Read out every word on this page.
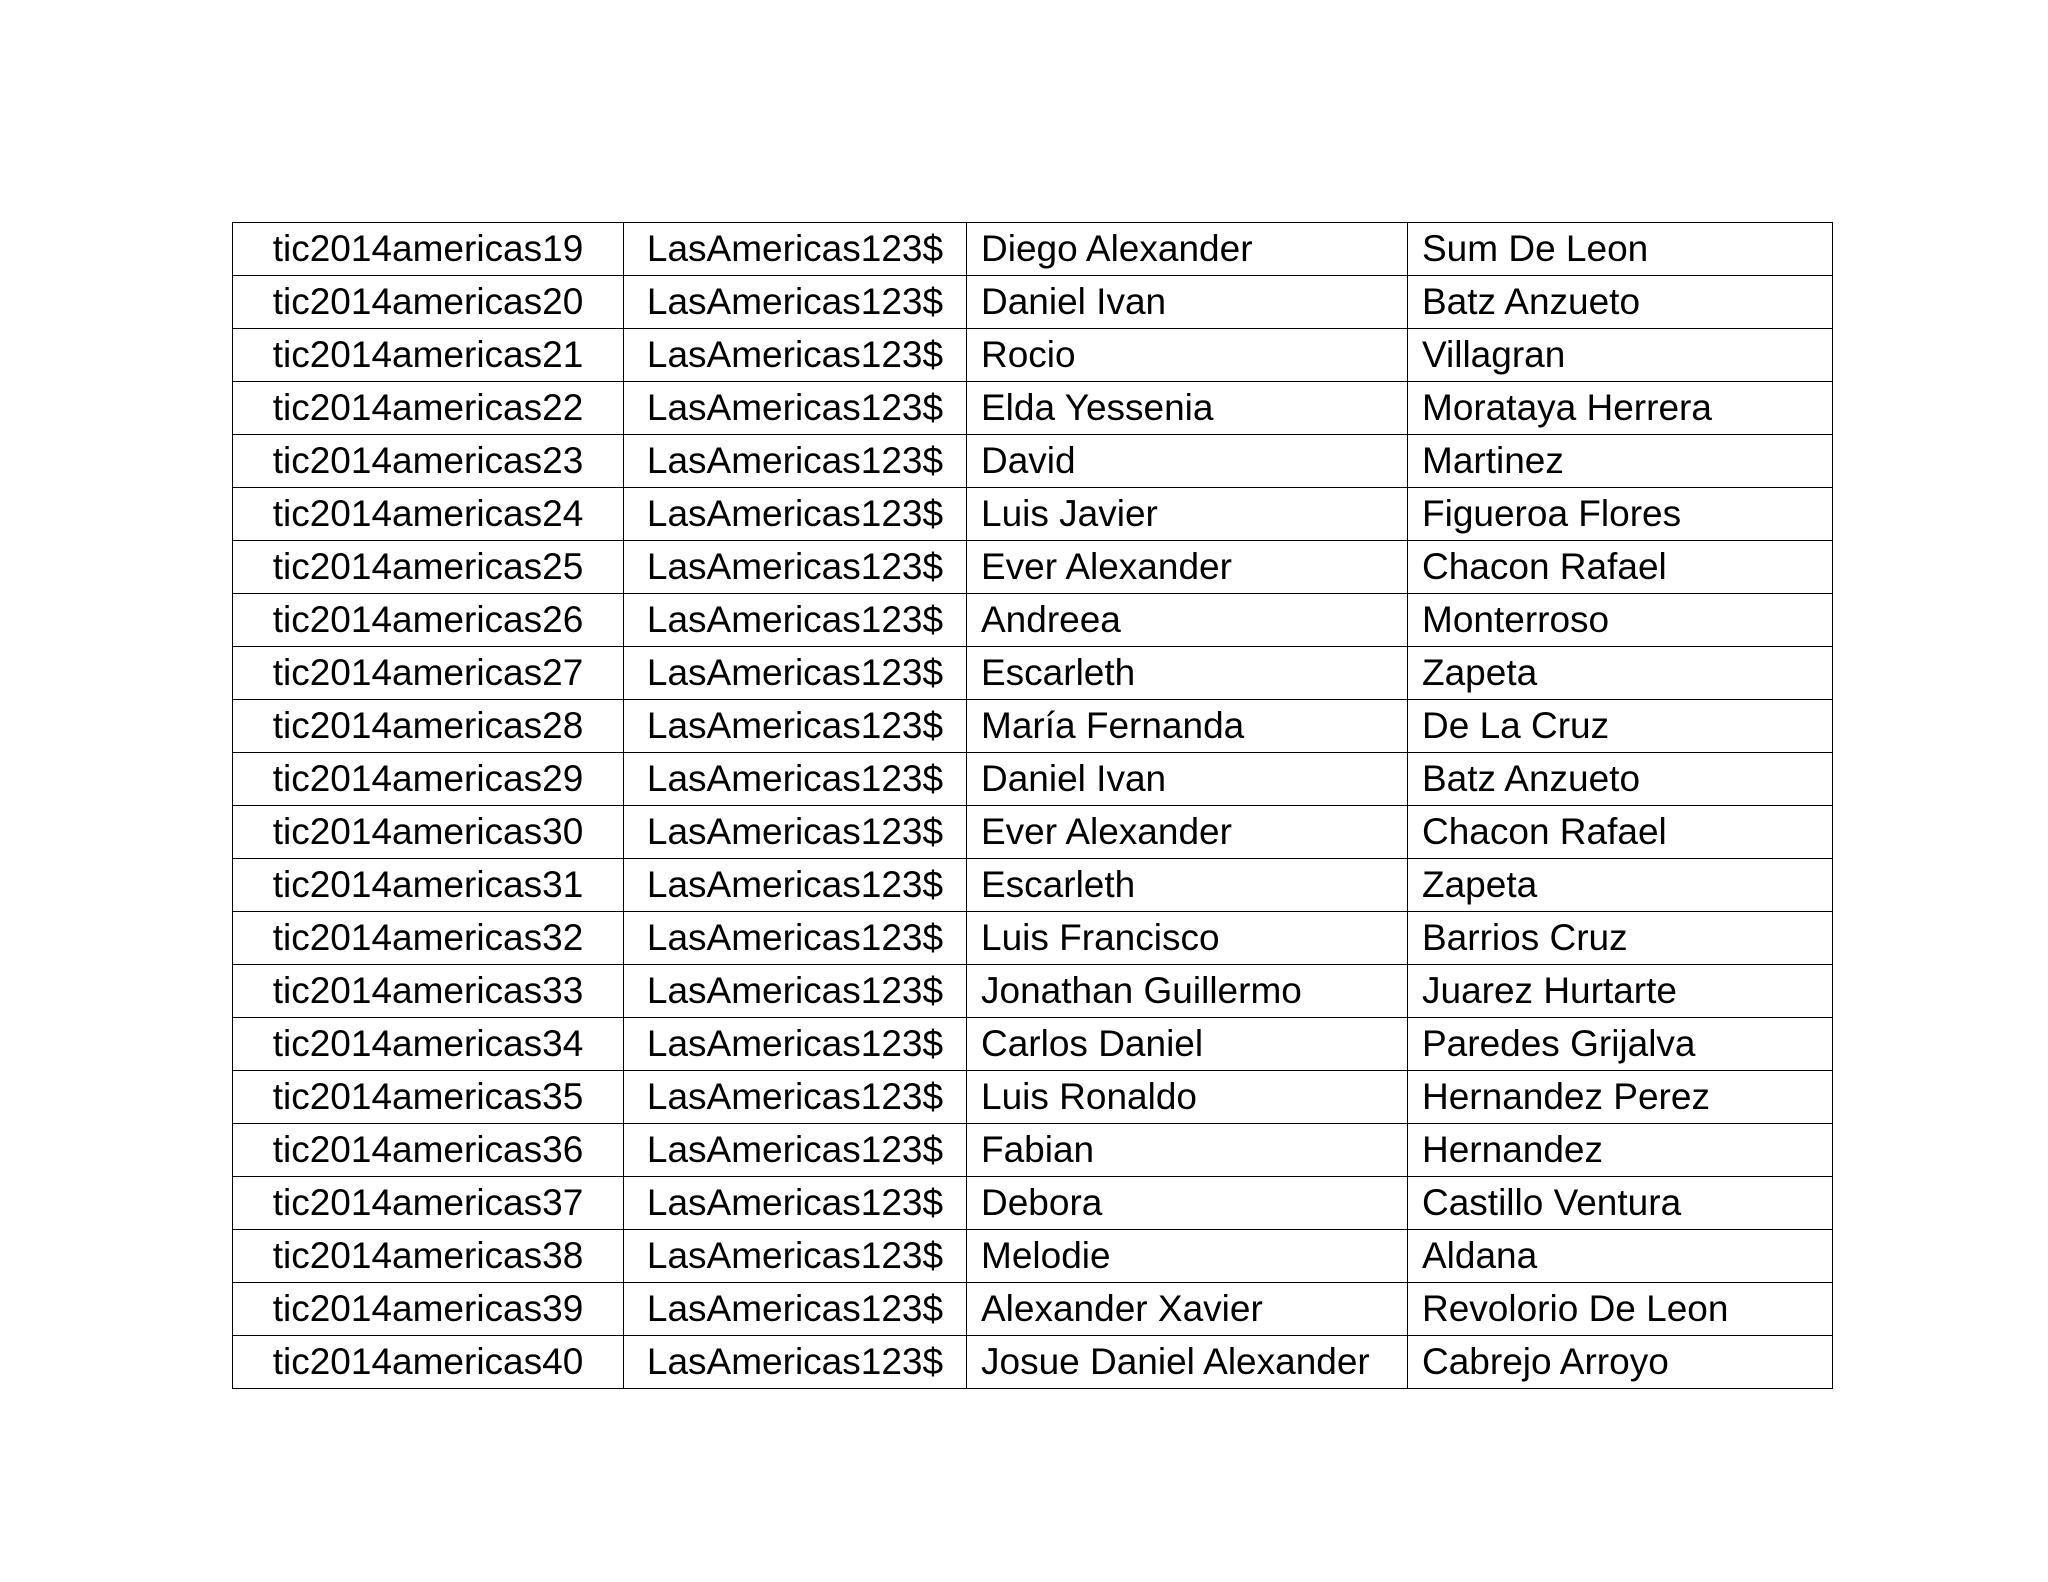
tic2014americas19	LasAmericas123$	Diego Alexander	Sum De Leon
tic2014americas20	LasAmericas123$	Daniel Ivan	Batz Anzueto
tic2014americas21	LasAmericas123$	Rocio	Villagran
tic2014americas22	LasAmericas123$	Elda Yessenia	Morataya Herrera
tic2014americas23	LasAmericas123$	David	Martinez
tic2014americas24	LasAmericas123$	Luis Javier	Figueroa Flores
tic2014americas25	LasAmericas123$	Ever Alexander	Chacon Rafael
tic2014americas26	LasAmericas123$	Andreea	Monterroso
tic2014americas27	LasAmericas123$	Escarleth	Zapeta
tic2014americas28	LasAmericas123$	María Fernanda	De La Cruz
tic2014americas29	LasAmericas123$	Daniel Ivan	Batz Anzueto
tic2014americas30	LasAmericas123$	Ever Alexander	Chacon Rafael
tic2014americas31	LasAmericas123$	Escarleth	Zapeta
tic2014americas32	LasAmericas123$	Luis Francisco	Barrios Cruz
tic2014americas33	LasAmericas123$	Jonathan Guillermo	Juarez Hurtarte
tic2014americas34	LasAmericas123$	Carlos Daniel	Paredes Grijalva
tic2014americas35	LasAmericas123$	Luis Ronaldo	Hernandez Perez
tic2014americas36	LasAmericas123$	Fabian	Hernandez
tic2014americas37	LasAmericas123$	Debora	Castillo Ventura
tic2014americas38	LasAmericas123$	Melodie	Aldana
tic2014americas39	LasAmericas123$	Alexander Xavier	Revolorio De Leon
tic2014americas40	LasAmericas123$	Josue Daniel Alexander	Cabrejo Arroyo
